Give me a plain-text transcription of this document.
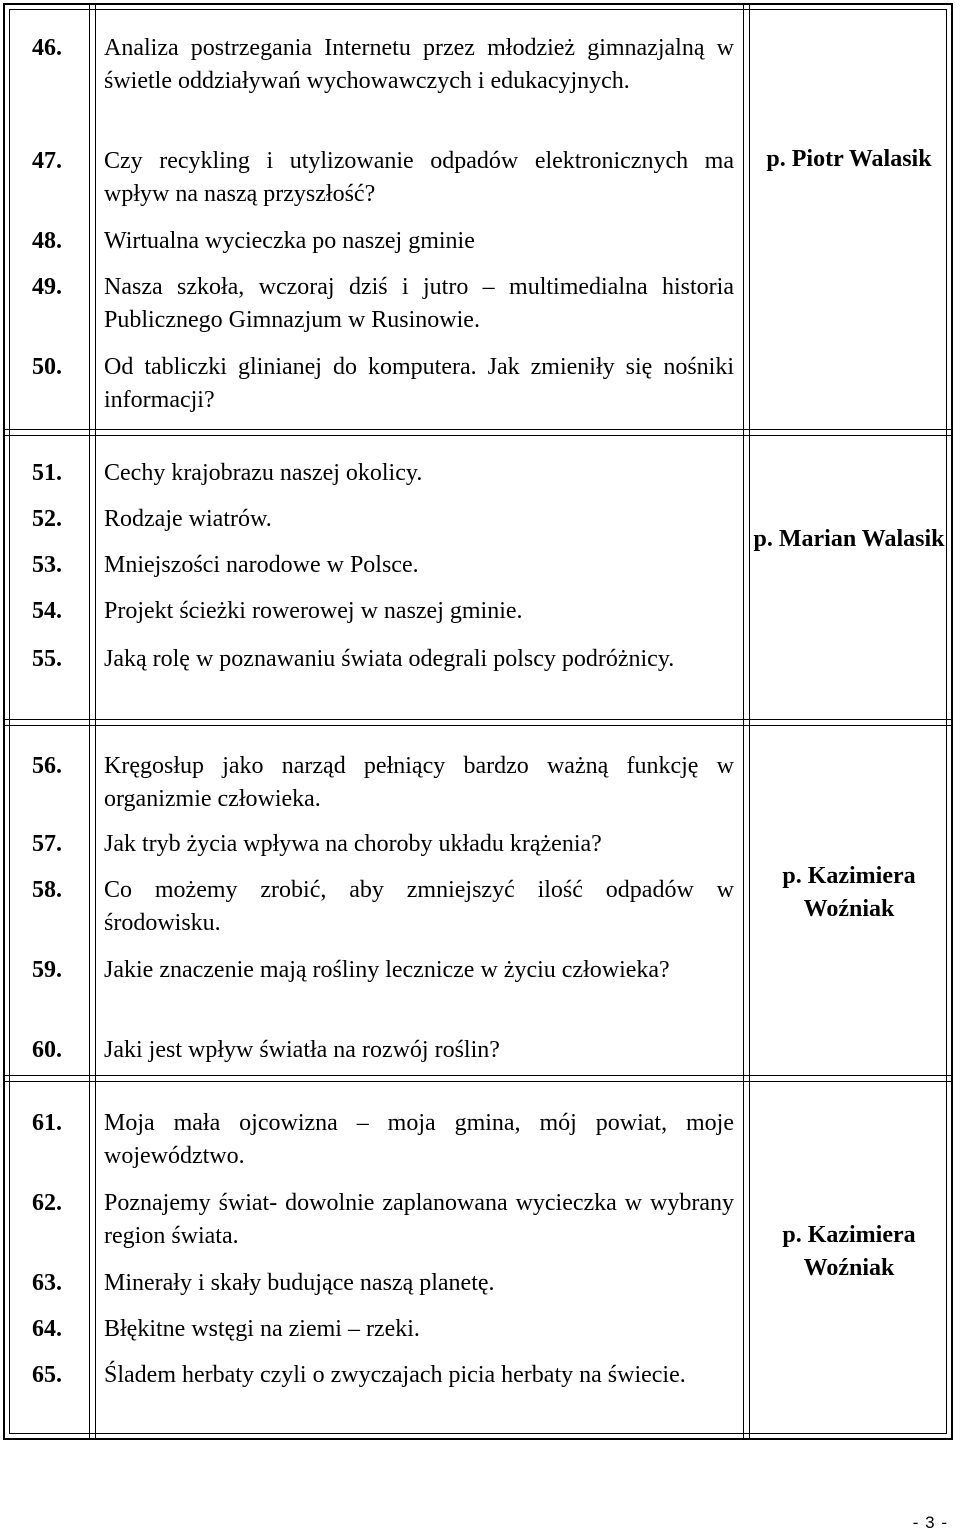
46.	Analiza postrzegania Internetu przez młodzież gimnazjalną w świetle oddziaływań wychowawczych i edukacyjnych.
47.	Czy recykling i utylizowanie odpadów elektronicznych ma wpływ na naszą przyszłość?
48.	Wirtualna wycieczka po naszej gminie
49.	Nasza szkoła, wczoraj dziś i jutro – multimedialna historia Publicznego Gimnazjum w Rusinowie.
50.	Od tabliczki glinianej do komputera. Jak zmieniły się nośniki informacji?
p. Piotr Walasik
51.	Cechy krajobrazu naszej okolicy.
52.	Rodzaje wiatrów.
53.	Mniejszości narodowe w Polsce.
54.	Projekt ścieżki rowerowej w naszej gminie.
55.	Jaką rolę w poznawaniu świata odegrali polscy podróżnicy.
p. Marian Walasik
56.	Kręgosłup jako narząd pełniący bardzo ważną funkcję w organizmie człowieka.
57.	Jak tryb życia wpływa na choroby układu krążenia?
58.	Co możemy zrobić, aby zmniejszyć ilość odpadów w środowisku.
59.	Jakie znaczenie mają rośliny lecznicze w życiu człowieka?
60.	Jaki jest wpływ światła na rozwój roślin?
p. Kazimiera Woźniak
61.	Moja mała ojcowizna – moja gmina, mój powiat, moje województwo.
62.	Poznajemy świat- dowolnie zaplanowana wycieczka w wybrany region świata.
63.	Minerały i skały budujące naszą planetę.
64.	Błękitne wstęgi na ziemi – rzeki.
65.	Śladem herbaty czyli o zwyczajach picia herbaty na świecie.
p. Kazimiera Woźniak
- 3 -
